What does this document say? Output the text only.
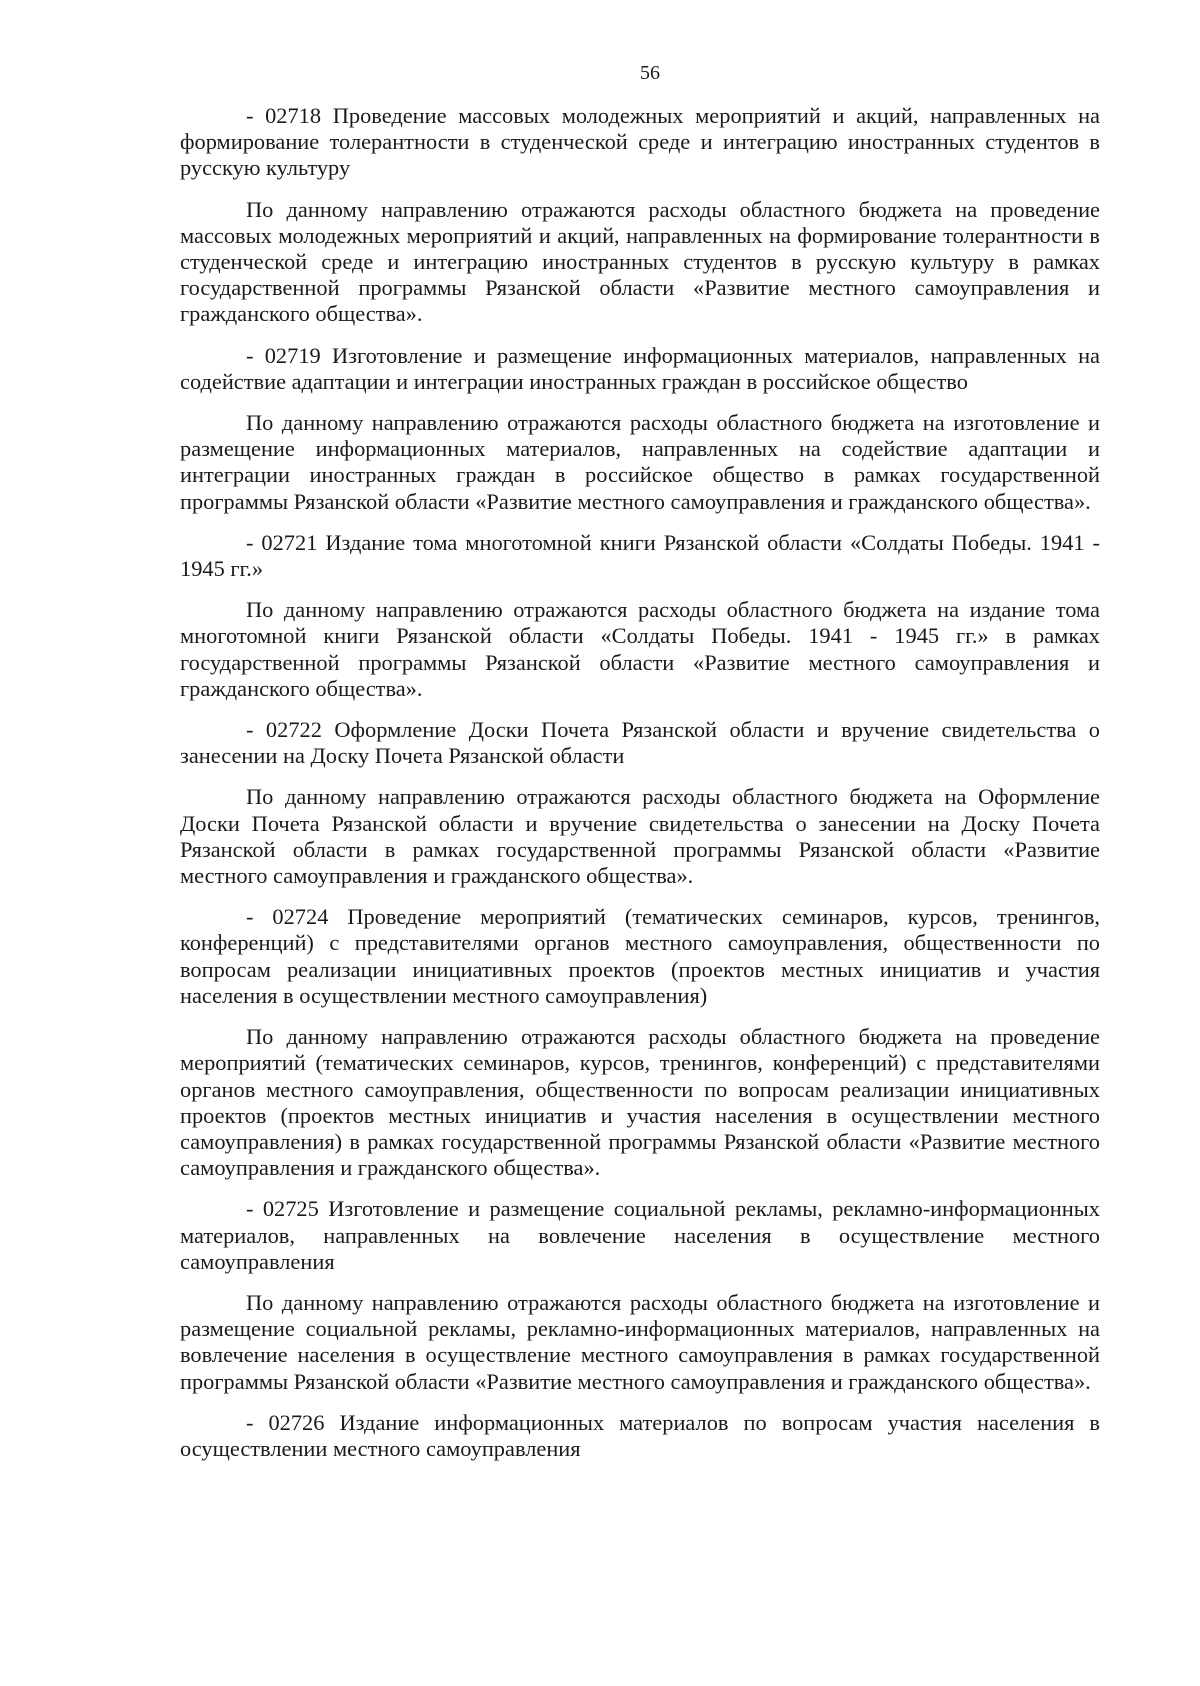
56

- 02718 Проведение массовых молодежных мероприятий и акций, направленных на формирование толерантности в студенческой среде и интеграцию иностранных студентов в русскую культуру

По данному направлению отражаются расходы областного бюджета на проведение массовых молодежных мероприятий и акций, направленных на формирование толерантности в студенческой среде и интеграцию иностранных студентов в русскую культуру в рамках государственной программы Рязанской области «Развитие местного самоуправления и гражданского общества».

- 02719 Изготовление и размещение информационных материалов, направленных на содействие адаптации и интеграции иностранных граждан в российское общество

По данному направлению отражаются расходы областного бюджета на изготовление и размещение информационных материалов, направленных на содействие адаптации и интеграции иностранных граждан в российское общество в рамках государственной программы Рязанской области «Развитие местного самоуправления и гражданского общества».

- 02721 Издание тома многотомной книги Рязанской области «Солдаты Победы. 1941 - 1945 гг.»

По данному направлению отражаются расходы областного бюджета на издание тома многотомной книги Рязанской области «Солдаты Победы. 1941 - 1945 гг.» в рамках государственной программы Рязанской области «Развитие местного самоуправления и гражданского общества».

- 02722 Оформление Доски Почета Рязанской области и вручение свидетельства о занесении на Доску Почета Рязанской области

По данному направлению отражаются расходы областного бюджета на Оформление Доски Почета Рязанской области и вручение свидетельства о занесении на Доску Почета Рязанской области в рамках государственной программы Рязанской области «Развитие местного самоуправления и гражданского общества».

- 02724 Проведение мероприятий (тематических семинаров, курсов, тренингов, конференций) с представителями органов местного самоуправления, общественности по вопросам реализации инициативных проектов (проектов местных инициатив и участия населения в осуществлении местного самоуправления)

По данному направлению отражаются расходы областного бюджета на проведение мероприятий (тематических семинаров, курсов, тренингов, конференций) с представителями органов местного самоуправления, общественности по вопросам реализации инициативных проектов (проектов местных инициатив и участия населения в осуществлении местного самоуправления) в рамках государственной программы Рязанской области «Развитие местного самоуправления и гражданского общества».

- 02725 Изготовление и размещение социальной рекламы, рекламно-информационных материалов, направленных на вовлечение населения в осуществление местного самоуправления

По данному направлению отражаются расходы областного бюджета на изготовление и размещение социальной рекламы, рекламно-информационных материалов, направленных на вовлечение населения в осуществление местного самоуправления в рамках государственной программы Рязанской области «Развитие местного самоуправления и гражданского общества».

- 02726 Издание информационных материалов по вопросам участия населения в осуществлении местного самоуправления
